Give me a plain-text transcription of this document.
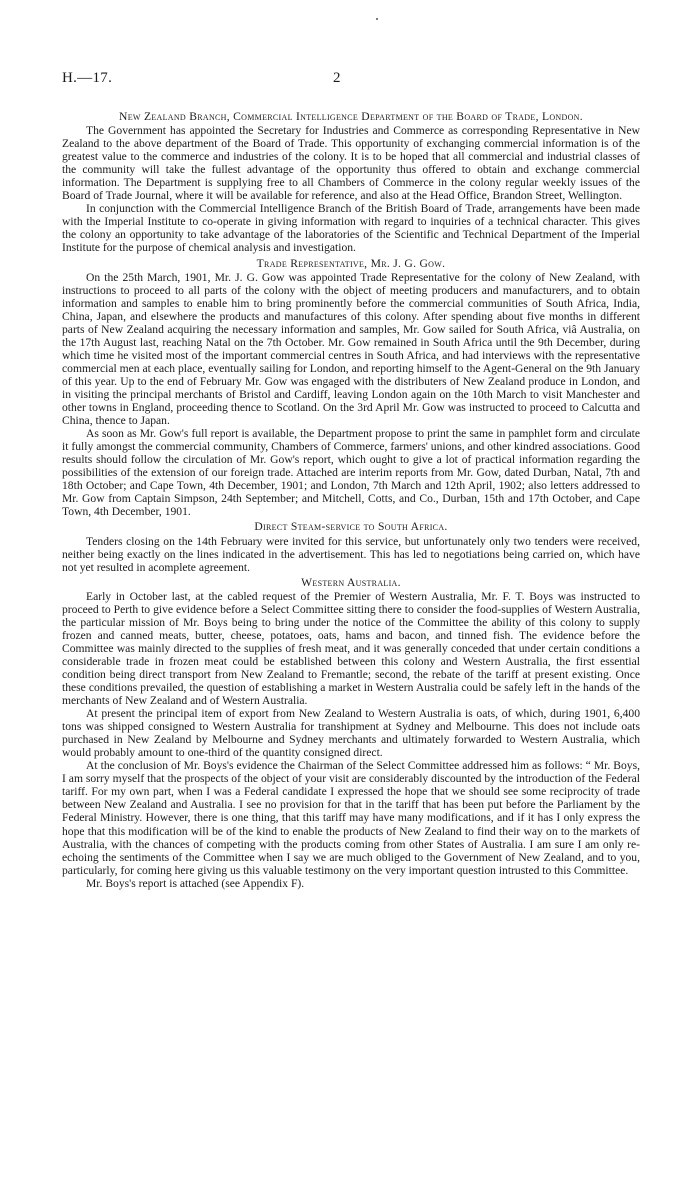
H.—17.	2
New Zealand Branch, Commercial Intelligence Department of the Board of Trade, London.

The Government has appointed the Secretary for Industries and Commerce as corresponding Representative in New Zealand to the above department of the Board of Trade. This opportunity of exchanging commercial information is of the greatest value to the commerce and industries of the colony. It is to be hoped that all commercial and industrial classes of the community will take the fullest advantage of the opportunity thus offered to obtain and exchange commercial information. The Department is supplying free to all Chambers of Commerce in the colony regular weekly issues of the Board of Trade Journal, where it will be available for reference, and also at the Head Office, Brandon Street, Wellington.

In conjunction with the Commercial Intelligence Branch of the British Board of Trade, arrangements have been made with the Imperial Institute to co-operate in giving information with regard to inquiries of a technical character. This gives the colony an opportunity to take advantage of the laboratories of the Scientific and Technical Department of the Imperial Institute for the purpose of chemical analysis and investigation.

Trade Representative, Mr. J. G. Gow.

On the 25th March, 1901, Mr. J. G. Gow was appointed Trade Representative for the colony of New Zealand, with instructions to proceed to all parts of the colony with the object of meeting producers and manufacturers, and to obtain information and samples to enable him to bring prominently before the commercial communities of South Africa, India, China, Japan, and elsewhere the products and manufactures of this colony. After spending about five months in different parts of New Zealand acquiring the necessary information and samples, Mr. Gow sailed for South Africa, viâ Australia, on the 17th August last, reaching Natal on the 7th October. Mr. Gow remained in South Africa until the 9th December, during which time he visited most of the important commercial centres in South Africa, and had interviews with the representative commercial men at each place, eventually sailing for London, and reporting himself to the Agent-General on the 9th January of this year. Up to the end of February Mr. Gow was engaged with the distributers of New Zealand produce in London, and in visiting the principal merchants of Bristol and Cardiff, leaving London again on the 10th March to visit Manchester and other towns in England, proceeding thence to Scotland. On the 3rd April Mr. Gow was instructed to proceed to Calcutta and China, thence to Japan.

As soon as Mr. Gow's full report is available, the Department propose to print the same in pamphlet form and circulate it fully amongst the commercial community, Chambers of Commerce, farmers' unions, and other kindred associations. Good results should follow the circulation of Mr. Gow's report, which ought to give a lot of practical information regarding the possibilities of the extension of our foreign trade. Attached are interim reports from Mr. Gow, dated Durban, Natal, 7th and 18th October; and Cape Town, 4th December, 1901; and London, 7th March and 12th April, 1902; also letters addressed to Mr. Gow from Captain Simpson, 24th September; and Mitchell, Cotts, and Co., Durban, 15th and 17th October, and Cape Town, 4th December, 1901.

Direct Steam-service to South Africa.

Tenders closing on the 14th February were invited for this service, but unfortunately only two tenders were received, neither being exactly on the lines indicated in the advertisement. This has led to negotiations being carried on, which have not yet resulted in acomplete agreement.

Western Australia.

Early in October last, at the cabled request of the Premier of Western Australia, Mr. F. T. Boys was instructed to proceed to Perth to give evidence before a Select Committee sitting there to consider the food-supplies of Western Australia, the particular mission of Mr. Boys being to bring under the notice of the Committee the ability of this colony to supply frozen and canned meats, butter, cheese, potatoes, oats, hams and bacon, and tinned fish. The evidence before the Committee was mainly directed to the supplies of fresh meat, and it was generally conceded that under certain conditions a considerable trade in frozen meat could be established between this colony and Western Australia, the first essential condition being direct transport from New Zealand to Fremantle; second, the rebate of the tariff at present existing. Once these conditions prevailed, the question of establishing a market in Western Australia could be safely left in the hands of the merchants of New Zealand and of Western Australia.

At present the principal item of export from New Zealand to Western Australia is oats, of which, during 1901, 6,400 tons was shipped consigned to Western Australia for transhipment at Sydney and Melbourne. This does not include oats purchased in New Zealand by Melbourne and Sydney merchants and ultimately forwarded to Western Australia, which would probably amount to one-third of the quantity consigned direct.

At the conclusion of Mr. Boys's evidence the Chairman of the Select Committee addressed him as follows: “ Mr. Boys, I am sorry myself that the prospects of the object of your visit are considerably discounted by the introduction of the Federal tariff. For my own part, when I was a Federal candidate I expressed the hope that we should see some reciprocity of trade between New Zealand and Australia. I see no provision for that in the tariff that has been put before the Parliament by the Federal Ministry. However, there is one thing, that this tariff may have many modifications, and if it has I only express the hope that this modification will be of the kind to enable the products of New Zealand to find their way on to the markets of Australia, with the chances of competing with the products coming from other States of Australia. I am sure I am only re-echoing the sentiments of the Committee when I say we are much obliged to the Government of New Zealand, and to you, particularly, for coming here giving us this valuable testimony on the very important question intrusted to this Committee.

Mr. Boys's report is attached (see Appendix F).
